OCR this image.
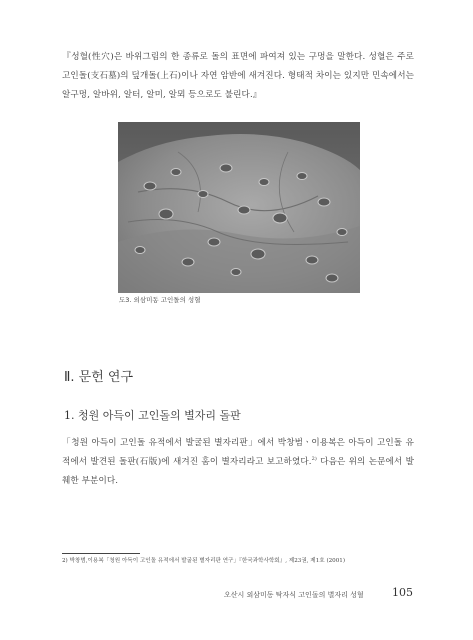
『성혈(性穴)은 바위그림의 한 종류로 돌의 표면에 파여져 있는 구멍을 말한다. 성혈은 주로 고인돌(支石墓)의 덮개돌(上石)이나 자연 암반에 새겨진다. 형태적 차이는 있지만 민속에서는 알구멍, 알바위, 알터, 알미, 알뫼 등으로도 불린다.』

도3. 외삼미동 고인돌의 성혈

Ⅱ. 문헌 연구
1. 청원 아득이 고인돌의 별자리 돌판

「청원 아득이 고인돌 유적에서 발굴된 별자리판」에서 박창범ㆍ이용복은 아득이 고인돌 유적에서 발견된 돌판(石版)에 새겨진 홈이 별자리라고 보고하였다.$^{2)}$ 다음은 위의 논문에서 발췌한 부분이다.

2) 박창범,이용복「청원 아득이 고인돌 유적에서 발굴된 별자리판 연구」『한국과학사학회』, 제23권, 제1호 (2001)

오산시 외삼미동 탁자식 고인돌의 별자리 성혈	105
